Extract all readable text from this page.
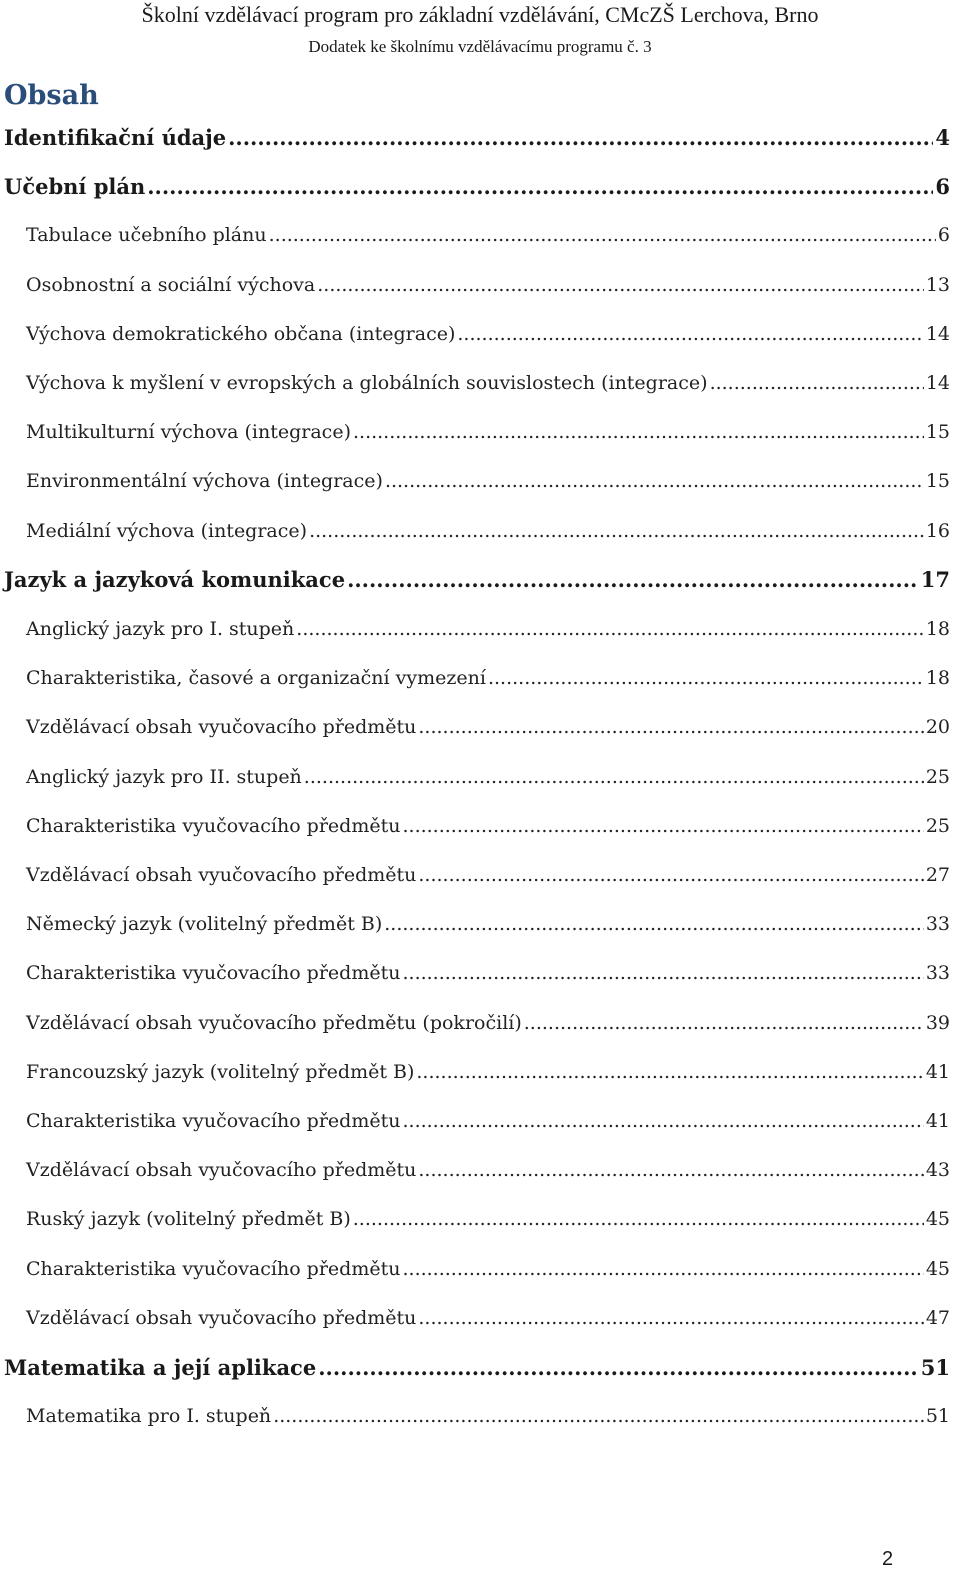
Školní vzdělávací program pro základní vzdělávání, CMcZŠ Lerchova, Brno
Dodatek ke školnímu vzdělávacímu programu č. 3
Obsah
Identifikační údaje .....	4
Učební plán .....	6
Tabulace učebního plánu .....	6
Osobnostní a sociální výchova .....	13
Výchova demokratického občana (integrace) .....	14
Výchova k myšlení v evropských a globálních souvislostech (integrace) .....	14
Multikulturní výchova (integrace) .....	15
Environmentální výchova (integrace) .....	15
Mediální výchova (integrace) .....	16
Jazyk a jazyková komunikace .....	17
Anglický jazyk pro I. stupeň .....	18
Charakteristika, časové a organizační vymezení .....	18
Vzdělávací obsah vyučovacího předmětu .....	20
Anglický jazyk pro II. stupeň .....	25
Charakteristika vyučovacího předmětu .....	25
Vzdělávací obsah vyučovacího předmětu .....	27
Německý jazyk (volitelný předmět B) .....	33
Charakteristika vyučovacího předmětu .....	33
Vzdělávací obsah vyučovacího předmětu (pokročilí) .....	39
Francouzský jazyk (volitelný předmět B) .....	41
Charakteristika vyučovacího předmětu .....	41
Vzdělávací obsah vyučovacího předmětu .....	43
Ruský jazyk (volitelný předmět B) .....	45
Charakteristika vyučovacího předmětu .....	45
Vzdělávací obsah vyučovacího předmětu .....	47
Matematika a její aplikace .....	51
Matematika pro I. stupeň .....	51
2
